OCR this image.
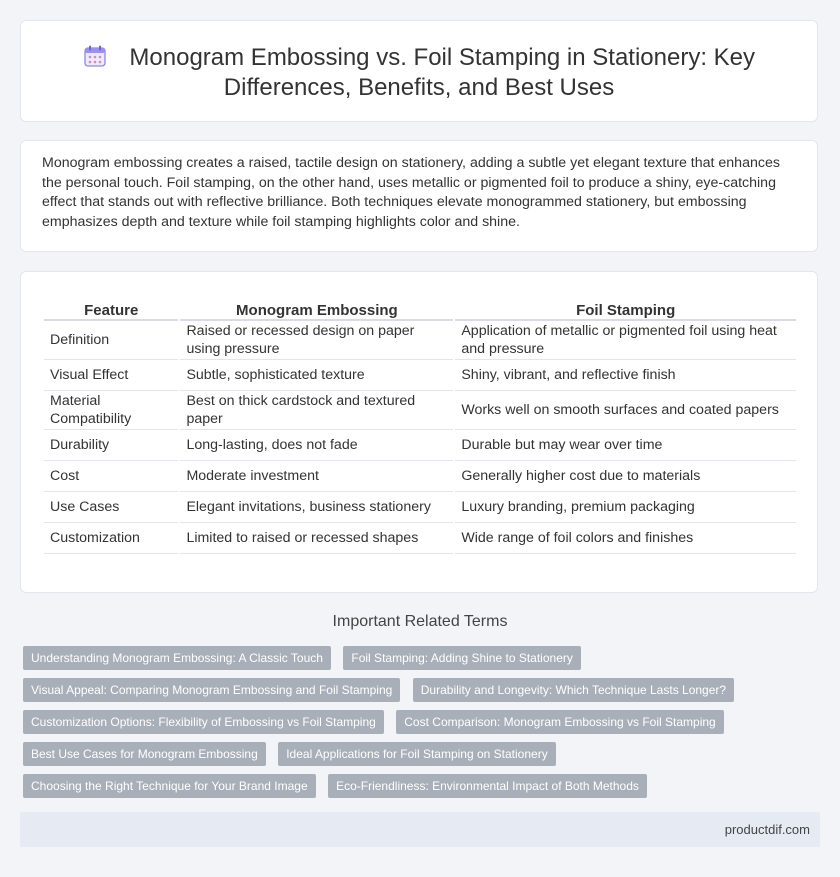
Monogram Embossing vs. Foil Stamping in Stationery: Key Differences, Benefits, and Best Uses

Monogram embossing creates a raised, tactile design on stationery, adding a subtle yet elegant texture that enhances the personal touch. Foil stamping, on the other hand, uses metallic or pigmented foil to produce a shiny, eye-catching effect that stands out with reflective brilliance. Both techniques elevate monogrammed stationery, but embossing emphasizes depth and texture while foil stamping highlights color and shine.

Feature	Monogram Embossing	Foil Stamping
Definition	Raised or recessed design on paper using pressure	Application of metallic or pigmented foil using heat and pressure
Visual Effect	Subtle, sophisticated texture	Shiny, vibrant, and reflective finish
Material Compatibility	Best on thick cardstock and textured paper	Works well on smooth surfaces and coated papers
Durability	Long-lasting, does not fade	Durable but may wear over time
Cost	Moderate investment	Generally higher cost due to materials
Use Cases	Elegant invitations, business stationery	Luxury branding, premium packaging
Customization	Limited to raised or recessed shapes	Wide range of foil colors and finishes
Important Related Terms
Understanding Monogram Embossing: A Classic Touch Foil Stamping: Adding Shine to Stationery
Visual Appeal: Comparing Monogram Embossing and Foil Stamping Durability and Longevity: Which Technique Lasts Longer?
Customization Options: Flexibility of Embossing vs Foil Stamping Cost Comparison: Monogram Embossing vs Foil Stamping
Best Use Cases for Monogram Embossing Ideal Applications for Foil Stamping on Stationery
Choosing the Right Technique for Your Brand Image Eco-Friendliness: Environmental Impact of Both Methods
productdif.com
